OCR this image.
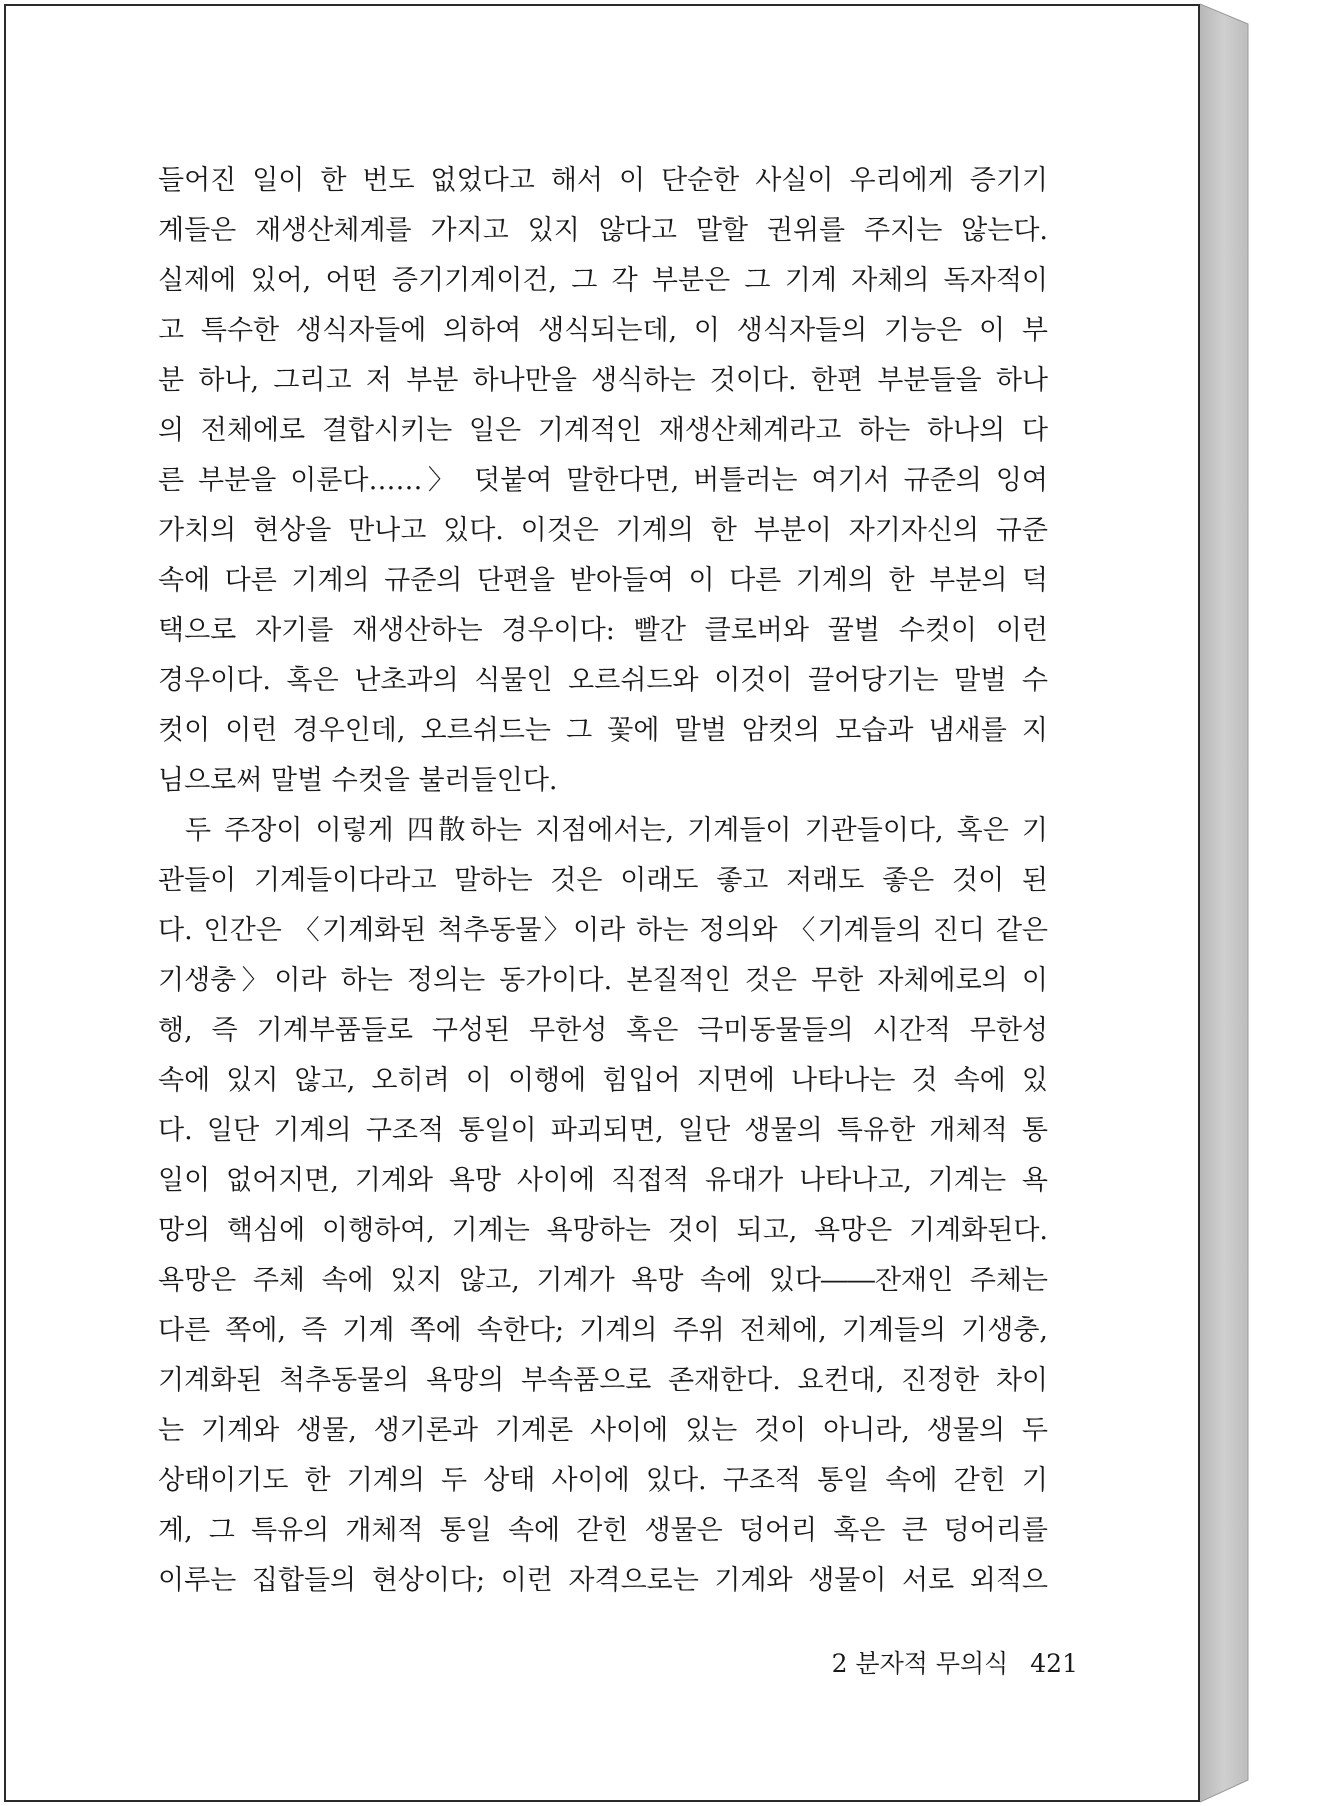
들어진 일이 한 번도 없었다고 해서 이 단순한 사실이 우리에게 증기기
계들은 재생산체계를 가지고 있지 않다고 말할 권위를 주지는 않는다.
실제에 있어, 어떤 증기기계이건, 그 각 부분은 그 기계 자체의 독자적이
고 특수한 생식자들에 의하여 생식되는데, 이 생식자들의 기능은 이 부
분 하나, 그리고 저 부분 하나만을 생식하는 것이다. 한편 부분들을 하나
의 전체에로 결합시키는 일은 기계적인 재생산체계라고 하는 하나의 다
른 부분을 이룬다……〉 덧붙여 말한다면, 버틀러는 여기서 규준의 잉여
가치의 현상을 만나고 있다. 이것은 기계의 한 부분이 자기자신의 규준
속에 다른 기계의 규준의 단편을 받아들여 이 다른 기계의 한 부분의 덕
택으로 자기를 재생산하는 경우이다: 빨간 클로버와 꿀벌 수컷이 이런
경우이다. 혹은 난초과의 식물인 오르쉬드와 이것이 끌어당기는 말벌 수
컷이 이런 경우인데, 오르쉬드는 그 꽃에 말벌 암컷의 모습과 냄새를 지
님으로써 말벌 수컷을 불러들인다.
두 주장이 이렇게 四散하는 지점에서는, 기계들이 기관들이다, 혹은 기
관들이 기계들이다라고 말하는 것은 이래도 좋고 저래도 좋은 것이 된
다. 인간은 〈기계화된 척추동물〉이라 하는 정의와 〈기계들의 진디 같은
기생충〉이라 하는 정의는 동가이다. 본질적인 것은 무한 자체에로의 이
행, 즉 기계부품들로 구성된 무한성 혹은 극미동물들의 시간적 무한성
속에 있지 않고, 오히려 이 이행에 힘입어 지면에 나타나는 것 속에 있
다. 일단 기계의 구조적 통일이 파괴되면, 일단 생물의 특유한 개체적 통
일이 없어지면, 기계와 욕망 사이에 직접적 유대가 나타나고, 기계는 욕
망의 핵심에 이행하여, 기계는 욕망하는 것이 되고, 욕망은 기계화된다.
욕망은 주체 속에 있지 않고, 기계가 욕망 속에 있다――잔재인 주체는
다른 쪽에, 즉 기계 쪽에 속한다; 기계의 주위 전체에, 기계들의 기생충,
기계화된 척추동물의 욕망의 부속품으로 존재한다. 요컨대, 진정한 차이
는 기계와 생물, 생기론과 기계론 사이에 있는 것이 아니라, 생물의 두
상태이기도 한 기계의 두 상태 사이에 있다. 구조적 통일 속에 갇힌 기
계, 그 특유의 개체적 통일 속에 갇힌 생물은 덩어리 혹은 큰 덩어리를
이루는 집합들의 현상이다; 이런 자격으로는 기계와 생물이 서로 외적으
2 분자적 무의식 421
